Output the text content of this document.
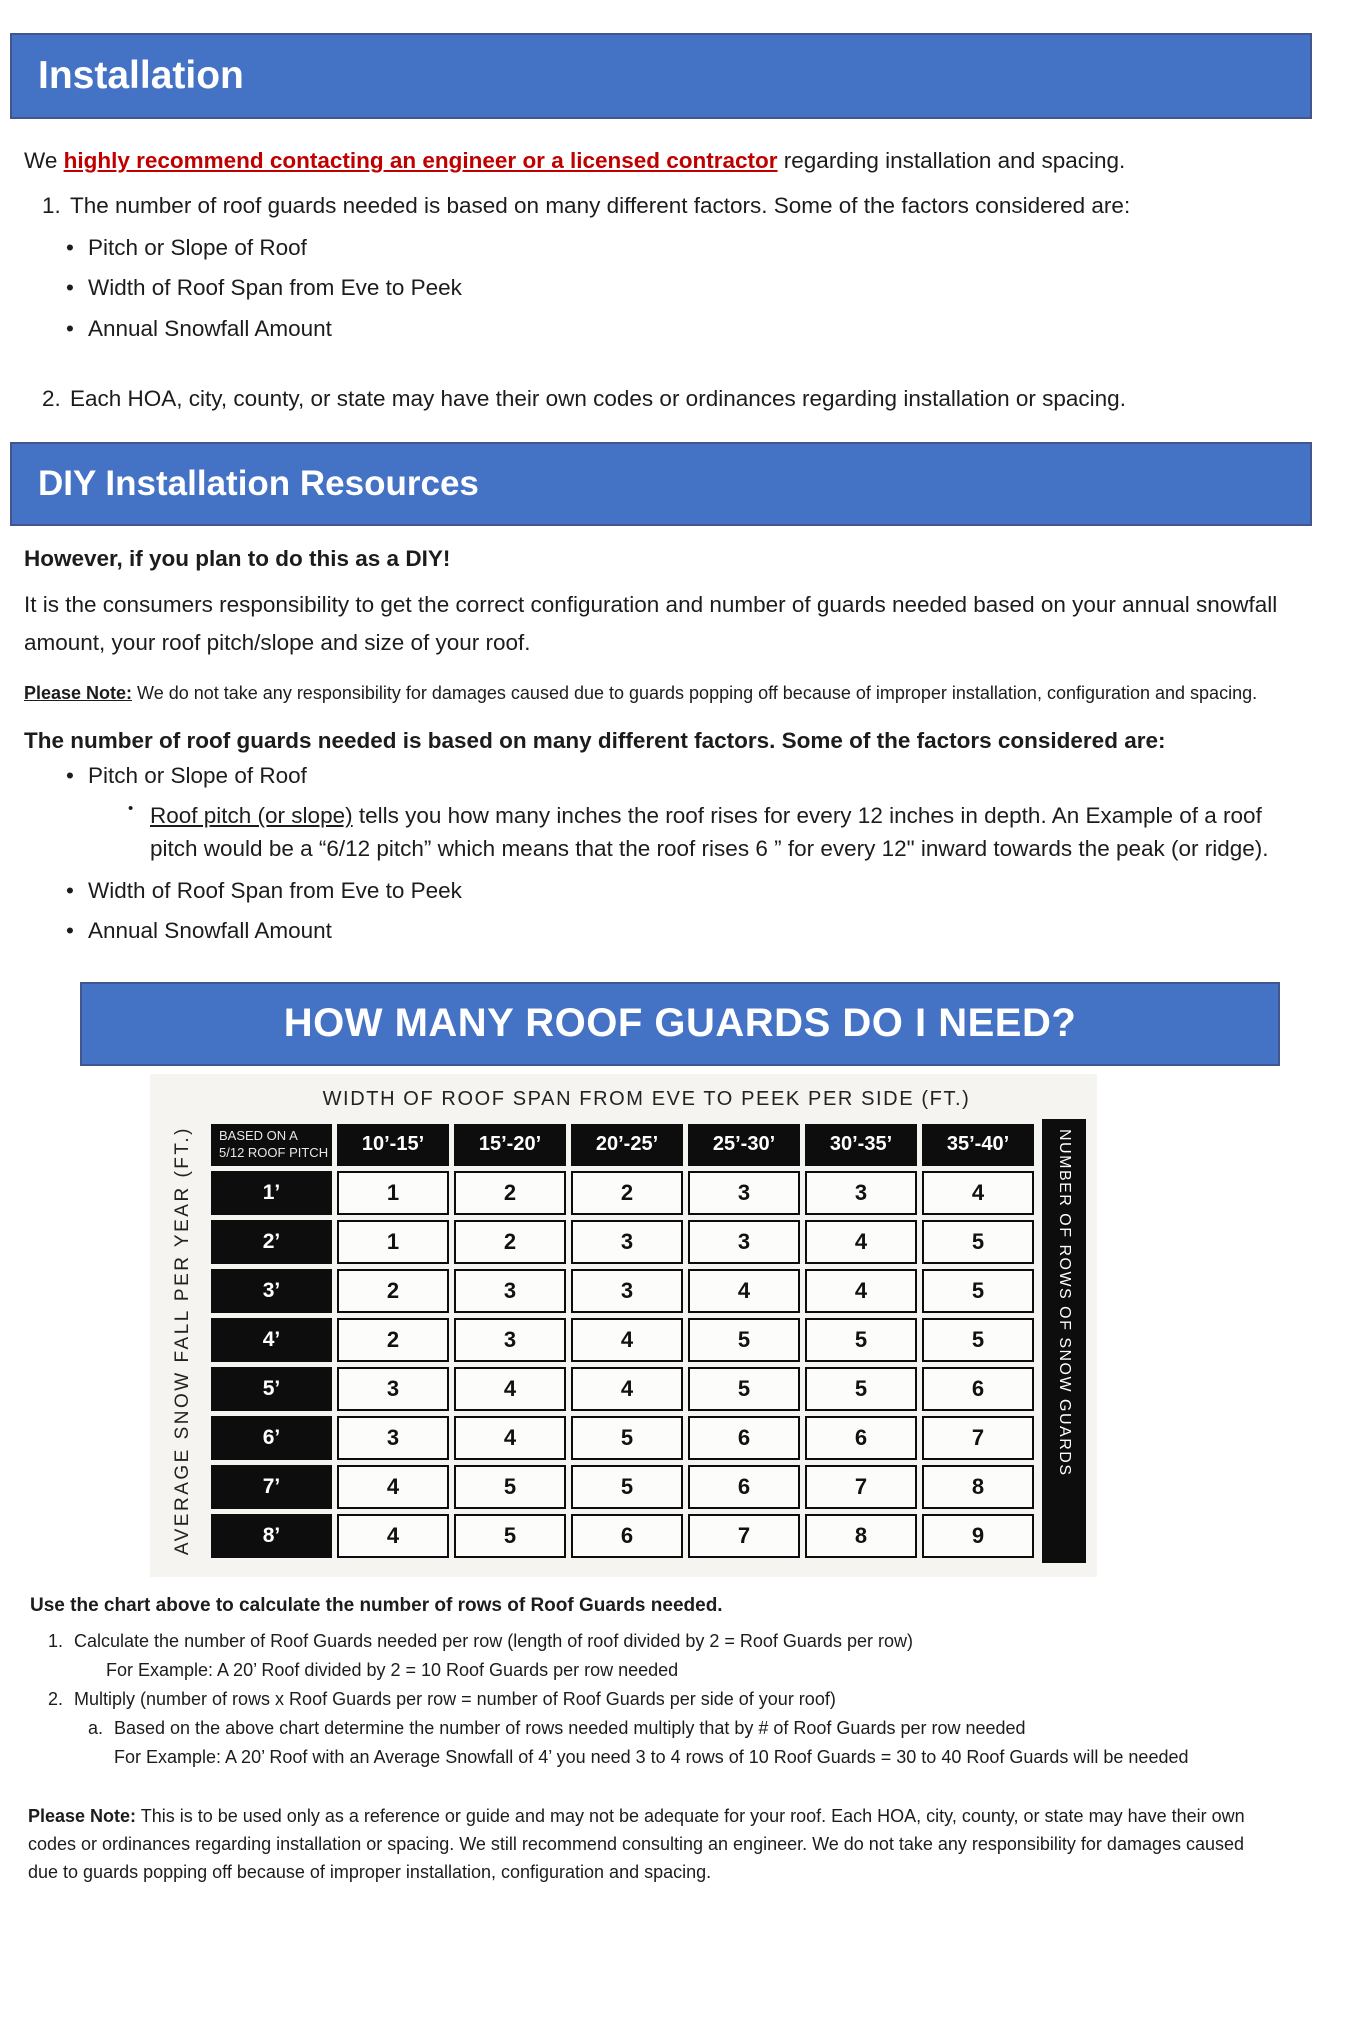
Installation

We highly recommend contacting an engineer or a licensed contractor regarding installation and spacing.

1. The number of roof guards needed is based on many different factors. Some of the factors considered are:
• Pitch or Slope of Roof
• Width of Roof Span from Eve to Peek
• Annual Snowfall Amount
2. Each HOA, city, county, or state may have their own codes or ordinances regarding installation or spacing.
DIY Installation Resources

However, if you plan to do this as a DIY!

It is the consumers responsibility to get the correct configuration and number of guards needed based on your annual snowfall amount, your roof pitch/slope and size of your roof.

Please Note: We do not take any responsibility for damages caused due to guards popping off because of improper installation, configuration and spacing.

The number of roof guards needed is based on many different factors. Some of the factors considered are:

• Pitch or Slope of Roof
• Roof pitch (or slope) tells you how many inches the roof rises for every 12 inches in depth. An Example of a roof pitch would be a “6/12 pitch” which means that the roof rises 6 ” for every 12" inward towards the peak (or ridge).
• Width of Roof Span from Eve to Peek
• Annual Snowfall Amount
HOW MANY ROOF GUARDS DO I NEED?
WIDTH OF ROOF SPAN FROM EVE TO PEEK PER SIDE (FT.)
AVERAGE SNOW FALL PER YEAR (FT.) BASED ON A
5/12 ROOF PITCH	10’-15’	15’-20’	20’-25’	25’-30’	30’-35’	35’-40’
1’	1	2	2	3	3	4
2’	1	2	3	3	4	5
3’	2	3	3	4	4	5
4’	2	3	4	5	5	5
5’	3	4	4	5	5	6
6’	3	4	5	6	6	7
7’	4	5	5	6	7	8
8’	4	5	6	7	8	9
NUMBER OF ROWS OF SNOW GUARDS

Use the chart above to calculate the number of rows of Roof Guards needed.

1. Calculate the number of Roof Guards needed per row (length of roof divided by 2 = Roof Guards per row)
For Example: A 20’ Roof divided by 2 = 10 Roof Guards per row needed
2. Multiply (number of rows x Roof Guards per row = number of Roof Guards per side of your roof)
a. Based on the above chart determine the number of rows needed multiply that by # of Roof Guards per row needed
For Example: A 20’ Roof with an Average Snowfall of 4’ you need 3 to 4 rows of 10 Roof Guards = 30 to 40 Roof Guards will be needed

Please Note: This is to be used only as a reference or guide and may not be adequate for your roof. Each HOA, city, county, or state may have their own codes or ordinances regarding installation or spacing. We still recommend consulting an engineer. We do not take any responsibility for damages caused due to guards popping off because of improper installation, configuration and spacing.
